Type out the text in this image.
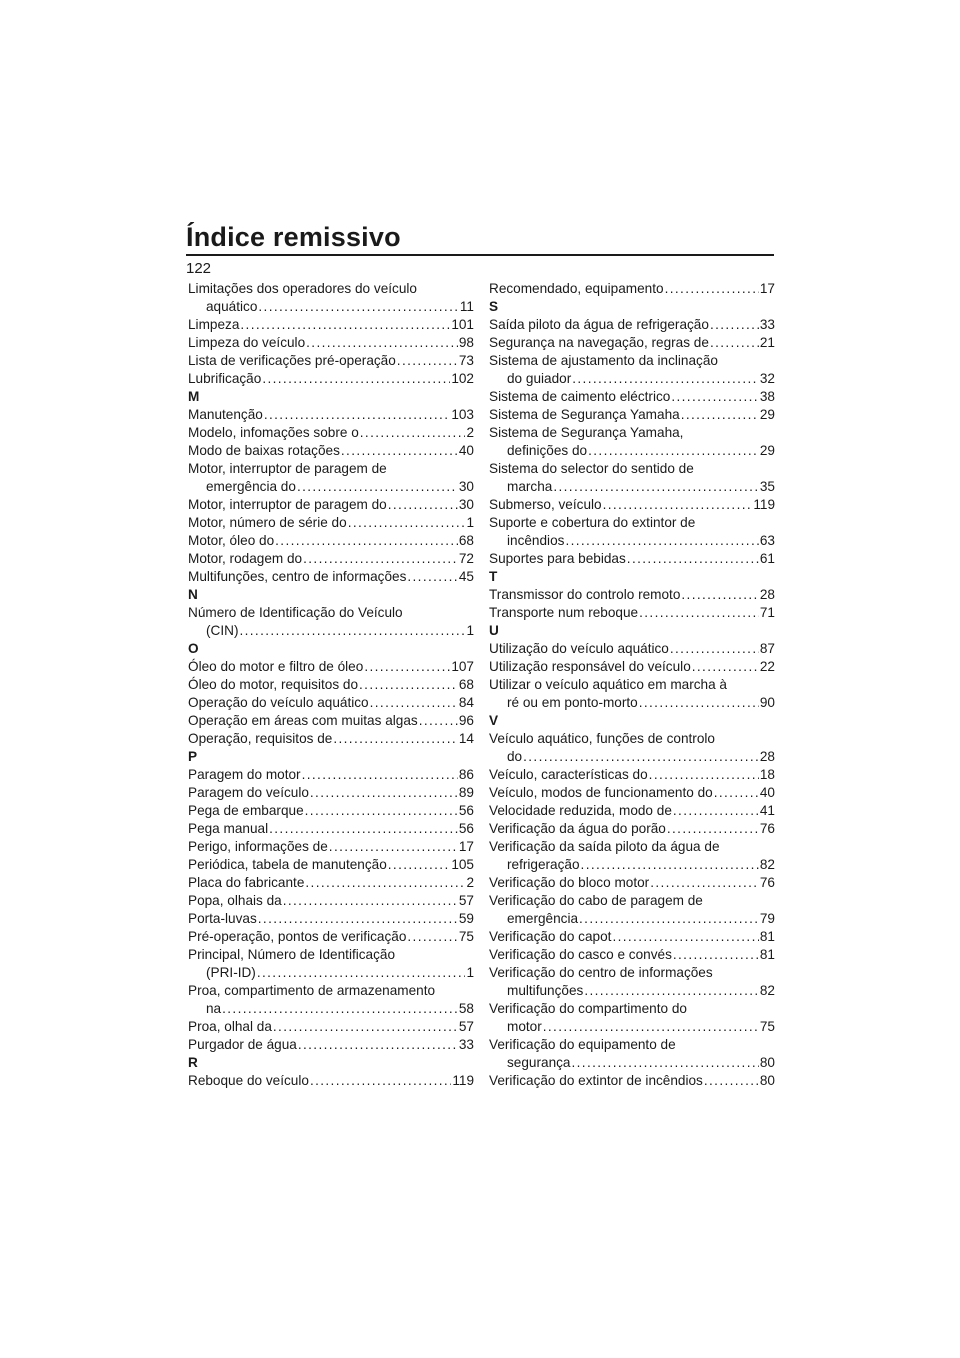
Índice remissivo
122
Limitações dos operadores do veículo
aquático . . .	11
Limpeza . . .	101
Limpeza do veículo . . .	98
Lista de verificações pré-operação . . .	73
Lubrificação . . .	102
M
Manutenção . . .	103
Modelo, infomações sobre o . . .	2
Modo de baixas rotações . . .	40
Motor, interruptor de paragem de
emergência do . . .	30
Motor, interruptor de paragem do . . .	30
Motor, número de série do . . .	1
Motor, óleo do . . .	68
Motor, rodagem do . . .	72
Multifunções, centro de informações . . .	45
N
Número de Identificação do Veículo
(CIN) . . .	1
O
Óleo do motor e filtro de óleo . . .	107
Óleo do motor, requisitos do . . .	68
Operação do veículo aquático . . .	84
Operação em áreas com muitas algas . . .	96
Operação, requisitos de . . .	14
P
Paragem do motor . . .	86
Paragem do veículo . . .	89
Pega de embarque . . .	56
Pega manual . . .	56
Perigo, informações de . . .	17
Periódica, tabela de manutenção . . .	105
Placa do fabricante . . .	2
Popa, olhais da . . .	57
Porta-luvas . . .	59
Pré-operação, pontos de verificação . . .	75
Principal, Número de Identificação
(PRI-ID) . . .	1
Proa, compartimento de armazenamento
na . . .	58
Proa, olhal da . . .	57
Purgador de água . . .	33
R
Reboque do veículo . . .	119
Recomendado, equipamento . . .	17
S
Saída piloto da água de refrigeração . . .	33
Segurança na navegação, regras de . . .	21
Sistema de ajustamento da inclinação
do guiador . . .	32
Sistema de caimento eléctrico . . .	38
Sistema de Segurança Yamaha . . .	29
Sistema de Segurança Yamaha,
definições do . . .	29
Sistema do selector do sentido de
marcha . . .	35
Submerso, veículo . . .	119
Suporte e cobertura do extintor de
incêndios . . .	63
Suportes para bebidas . . .	61
T
Transmissor do controlo remoto . . .	28
Transporte num reboque . . .	71
U
Utilização do veículo aquático . . .	87
Utilização responsável do veículo . . .	22
Utilizar o veículo aquático em marcha à
ré ou em ponto-morto . . .	90
V
Veículo aquático, funções de controlo
do . . .	28
Veículo, características do . . .	18
Veículo, modos de funcionamento do . . .	40
Velocidade reduzida, modo de . . .	41
Verificação da água do porão . . .	76
Verificação da saída piloto da água de
refrigeração . . .	82
Verificação do bloco motor . . .	76
Verificação do cabo de paragem de
emergência . . .	79
Verificação do capot . . .	81
Verificação do casco e convés . . .	81
Verificação do centro de informações
multifunções . . .	82
Verificação do compartimento do
motor . . .	75
Verificação do equipamento de
segurança . . .	80
Verificação do extintor de incêndios . . .	80
